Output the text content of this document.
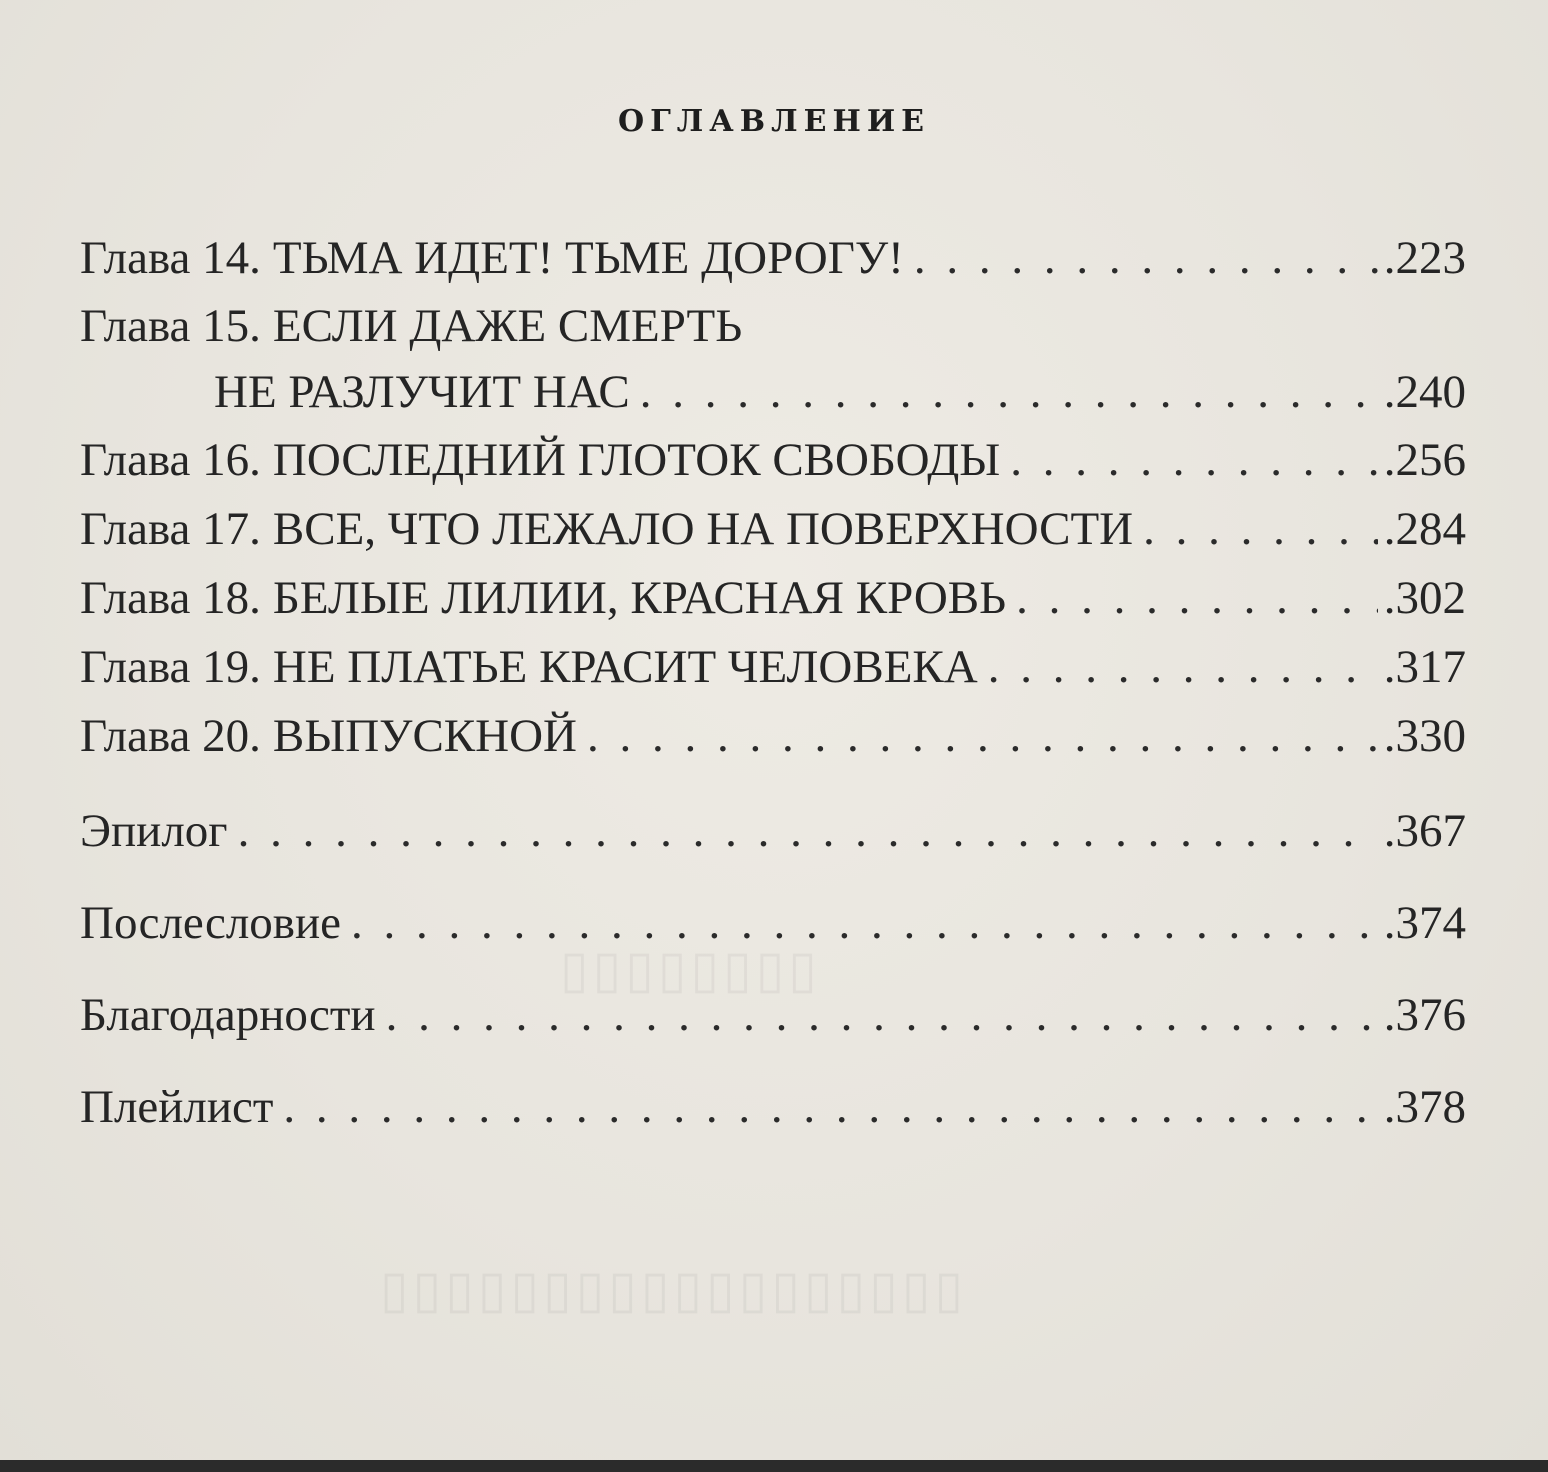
▯▯▯▯▯▯▯▯
▯▯▯▯▯▯▯▯▯▯▯▯▯▯▯▯▯▯
ОГЛАВЛЕНИЕ
Глава 14. ТЬМА ИДЕТ! ТЬМЕ ДОРОГУ! . . .	.223
Глава 15. ЕСЛИ ДАЖЕ СМЕРТЬ
НЕ РАЗЛУЧИТ НАС . . .	.240
Глава 16. ПОСЛЕДНИЙ ГЛОТОК СВОБОДЫ . . .	.256
Глава 17. ВСЕ, ЧТО ЛЕЖАЛО НА ПОВЕРХНОСТИ . . .	.284
Глава 18. БЕЛЫЕ ЛИЛИИ, КРАСНАЯ КРОВЬ . . .	.302
Глава 19. НЕ ПЛАТЬЕ КРАСИТ ЧЕЛОВЕКА . . .	.317
Глава 20. ВЫПУСКНОЙ . . .	.330
Эпилог . . .	.367
Послесловие . . .	.374
Благодарности . . .	.376
Плейлист . . .	.378
